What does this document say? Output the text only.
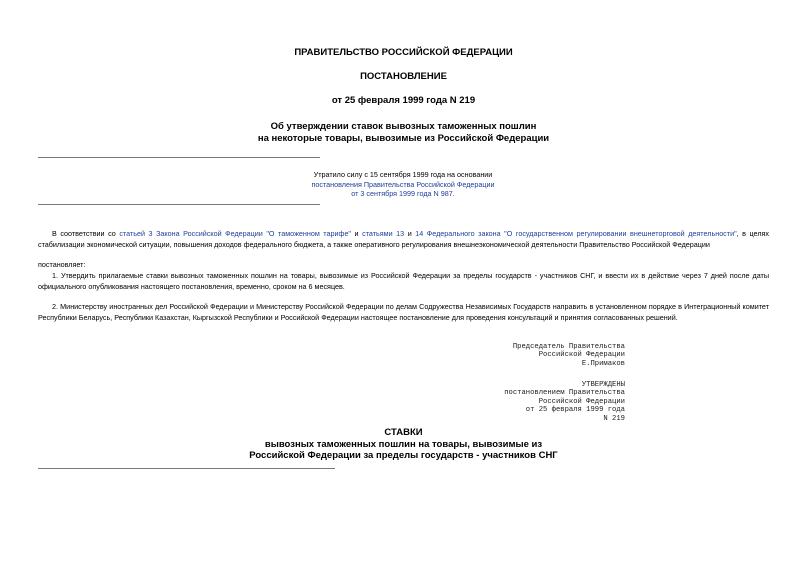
ПРАВИТЕЛЬСТВО РОССИЙСКОЙ ФЕДЕРАЦИИ
ПОСТАНОВЛЕНИЕ
от 25 февраля 1999 года N 219
Об утверждении ставок вывозных таможенных пошлин
на некоторые товары, вывозимые из Российской Федерации
Утратило силу с 15 сентября 1999 года на основании
постановления Правительства Российской Федерации
от 3 сентября 1999 года N 987.
В соответствии со статьей 3 Закона Российской Федерации "О таможенном тарифе" и статьями 13 и 14 Федерального закона "О государственном регулировании внешнеторговой деятельности", в целях стабилизации экономической ситуации, повышения доходов федерального бюджета, а также оперативного регулирования внешнеэкономической деятельности Правительство Российской Федерации
постановляет:
1. Утвердить прилагаемые ставки вывозных таможенных пошлин на товары, вывозимые из Российской Федерации за пределы государств - участников СНГ, и ввести их в действие через 7 дней после даты официального опубликования настоящего постановления, временно, сроком на 6 месяцев.
2. Министерству иностранных дел Российской Федерации и Министерству Российской Федерации по делам Содружества Независимых Государств направить в установленном порядке в Интеграционный комитет Республики Беларусь, Республики Казахстан, Кыргызской Республики и Российской Федерации настоящее постановление для проведения консультаций и принятия согласованных решений.
Председатель Правительства
Российской Федерации
Е.Примаков
УТВЕРЖДЕНЫ
постановлением Правительства
Российской Федерации
от 25 февраля 1999 года
N 219
СТАВКИ
вывозных таможенных пошлин на товары, вывозимые из
Российской Федерации за пределы государств - участников СНГ
